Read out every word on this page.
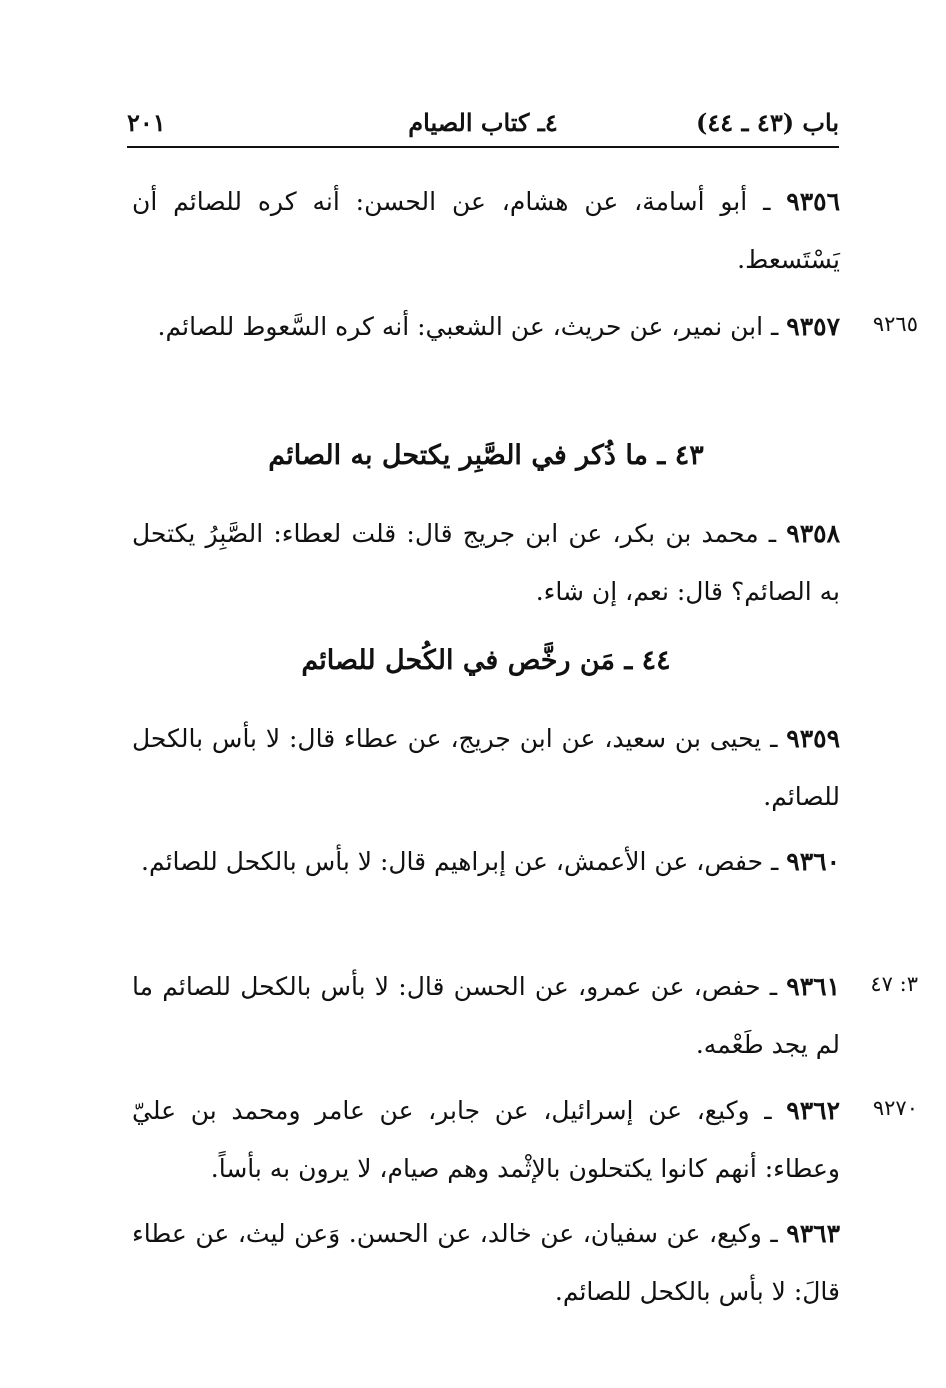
باب (٤٣ ـ ٤٤)
٤ـ كتاب الصيام
٢٠١
٩٣٥٦ ـ أبو أسامة، عن هشام، عن الحسن: أنه كره للصائم أن يَسْتَسعط.
٩٢٦٥
٩٣٥٧ ـ ابن نمير، عن حريث، عن الشعبي: أنه كره السَّعوط للصائم.
٤٣ ـ ما ذُكر في الصَّبِر يكتحل به الصائم
٩٣٥٨ ـ محمد بن بكر، عن ابن جريج قال: قلت لعطاء: الصَّبِرُ يكتحل به الصائم؟ قال: نعم، إن شاء.
٤٤ ـ مَن رخَّص في الكُحل للصائم
٩٣٥٩ ـ يحيى بن سعيد، عن ابن جريج، عن عطاء قال: لا بأس بالكحل للصائم.
٩٣٦٠ ـ حفص، عن الأعمش، عن إبراهيم قال: لا بأس بالكحل للصائم.
٣: ٤٧
٩٣٦١ ـ حفص، عن عمرو، عن الحسن قال: لا بأس بالكحل للصائم ما لم يجد طَعْمه.
٩٢٧٠
٩٣٦٢ ـ وكيع، عن إسرائيل، عن جابر، عن عامر ومحمد بن عليّ وعطاء: أنهم كانوا يكتحلون بالإثْمد وهم صيام، لا يرون به بأساً.
٩٣٦٣ ـ وكيع، عن سفيان، عن خالد، عن الحسن. وَعن ليث، عن عطاء قالَ: لا بأس بالكحل للصائم.
